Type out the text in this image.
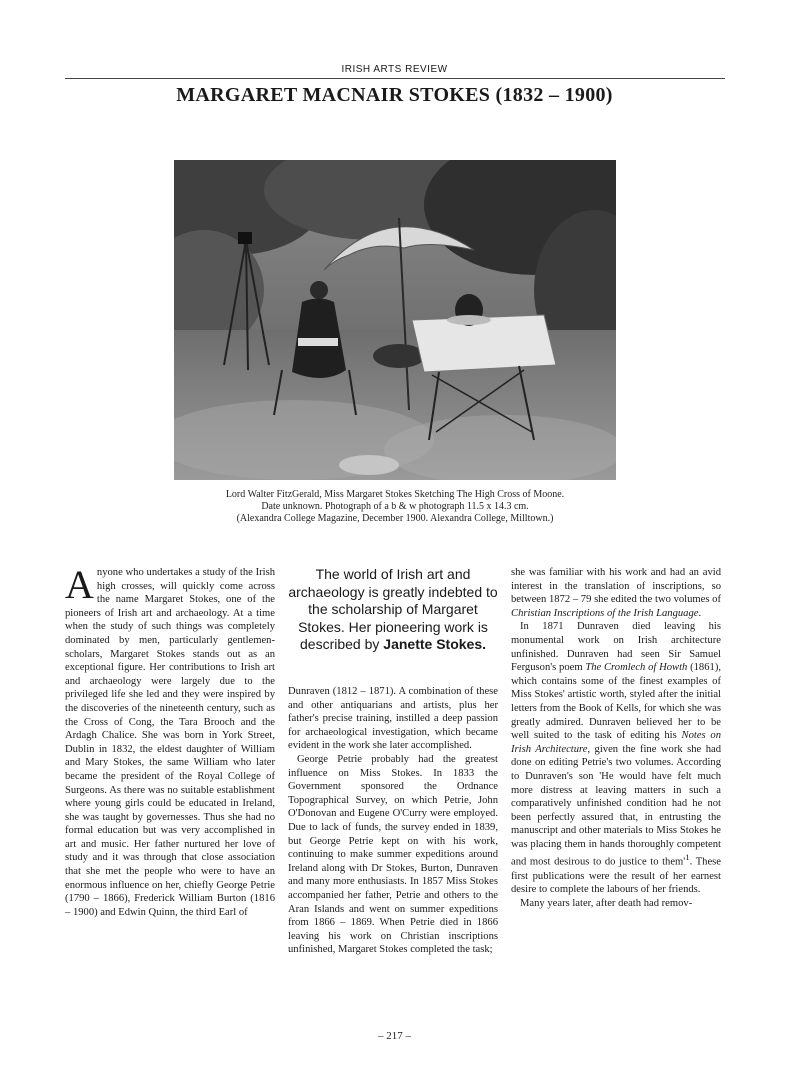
IRISH ARTS REVIEW
MARGARET MACNAIR STOKES (1832 – 1900)

Lord Walter FitzGerald, Miss Margaret Stokes Sketching The High Cross of Moone.

Date unknown. Photograph of a b & w photograph 11.5 x 14.3 cm.

(Alexandra College Magazine, December 1900. Alexandra College, Milltown.)

Anyone who undertakes a study of the Irish high crosses, will quickly come across the name Margaret Stokes, one of the pioneers of Irish art and archaeology. At a time when the study of such things was completely dominated by men, particularly gentlemen-scholars, Margaret Stokes stands out as an exceptional figure. Her contributions to Irish art and archaeology were largely due to the privileged life she led and they were inspired by the discoveries of the nineteenth century, such as the Cross of Cong, the Tara Brooch and the Ardagh Chalice. She was born in York Street, Dublin in 1832, the eldest daughter of William and Mary Stokes, the same William who later became the president of the Royal College of Surgeons. As there was no suitable establishment where young girls could be educated in Ireland, she was taught by governesses. Thus she had no formal education but was very accomplished in art and music. Her father nurtured her love of study and it was through that close association that she met the people who were to have an enormous influence on her, chiefly George Petrie (1790 – 1866), Frederick William Burton (1816 – 1900) and Edwin Quinn, the third Earl of

The world of Irish art and archaeology is greatly indebted to the scholarship of Margaret Stokes. Her pioneering work is described by Janette Stokes.

Dunraven (1812 – 1871). A combination of these and other antiquarians and artists, plus her father's precise training, instilled a deep passion for archaeological investigation, which became evident in the work she later accomplished.

George Petrie probably had the greatest influence on Miss Stokes. In 1833 the Government sponsored the Ordnance Topographical Survey, on which Petrie, John O'Donovan and Eugene O'Curry were employed. Due to lack of funds, the survey ended in 1839, but George Petrie kept on with his work, continuing to make summer expeditions around Ireland along with Dr Stokes, Burton, Dunraven and many more enthusiasts. In 1857 Miss Stokes accompanied her father, Petrie and others to the Aran Islands and went on summer expeditions from 1866 – 1869. When Petrie died in 1866 leaving his work on Christian inscriptions unfinished, Margaret Stokes completed the task;

she was familiar with his work and had an avid interest in the translation of inscriptions, so between 1872 – 79 she edited the two volumes of Christian Inscriptions of the Irish Language.

In 1871 Dunraven died leaving his monumental work on Irish architecture unfinished. Dunraven had seen Sir Samuel Ferguson's poem The Cromlech of Howth (1861), which contains some of the finest examples of Miss Stokes' artistic worth, styled after the initial letters from the Book of Kells, for which she was greatly admired. Dunraven believed her to be well suited to the task of editing his Notes on Irish Architecture, given the fine work she had done on editing Petrie's two volumes. According to Dunraven's son 'He would have felt much more distress at leaving matters in such a comparatively unfinished condition had he not been perfectly assured that, in entrusting the manuscript and other materials to Miss Stokes he was placing them in hands thoroughly competent and most desirous to do justice to $them'^1$. These first publications were the result of her earnest desire to complete the labours of her friends.

Many years later, after death had remov-

– 217 –
